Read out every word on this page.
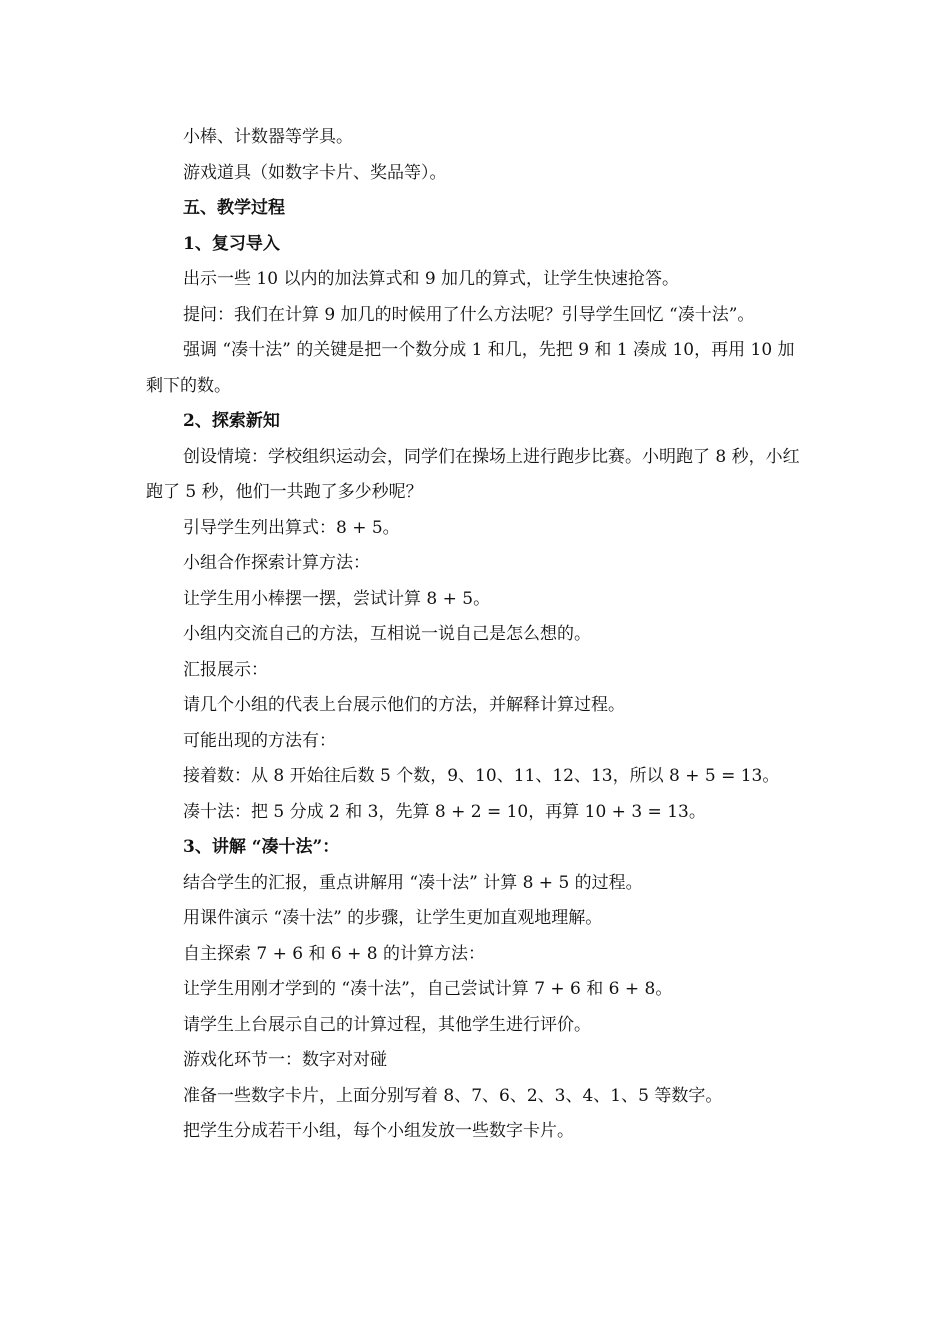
小棒、计数器等学具。

游戏道具（如数字卡片、奖品等）。

五、教学过程

1、复习导入

出示一些 10 以内的加法算式和 9 加几的算式，让学生快速抢答。

提问：我们在计算 9 加几的时候用了什么方法呢？引导学生回忆 “凑十法”。

强调 “凑十法” 的关键是把一个数分成 1 和几，先把 9 和 1 凑成 10，再用 10 加剩下的数。

2、探索新知

创设情境：学校组织运动会，同学们在操场上进行跑步比赛。小明跑了 8 秒，小红跑了 5 秒，他们一共跑了多少秒呢？

引导学生列出算式：8 + 5。

小组合作探索计算方法：

让学生用小棒摆一摆，尝试计算 8 + 5。

小组内交流自己的方法，互相说一说自己是怎么想的。

汇报展示：

请几个小组的代表上台展示他们的方法，并解释计算过程。

可能出现的方法有：

接着数：从 8 开始往后数 5 个数，9、10、11、12、13，所以 8 + 5 = 13。

凑十法：把 5 分成 2 和 3，先算 8 + 2 = 10，再算 10 + 3 = 13。

3、讲解 “凑十法”：

结合学生的汇报，重点讲解用 “凑十法” 计算 8 + 5 的过程。

用课件演示 “凑十法” 的步骤，让学生更加直观地理解。

自主探索 7 + 6 和 6 + 8 的计算方法：

让学生用刚才学到的 “凑十法”，自己尝试计算 7 + 6 和 6 + 8。

请学生上台展示自己的计算过程，其他学生进行评价。

游戏化环节一：数字对对碰

准备一些数字卡片，上面分别写着 8、7、6、2、3、4、1、5 等数字。

把学生分成若干小组，每个小组发放一些数字卡片。
